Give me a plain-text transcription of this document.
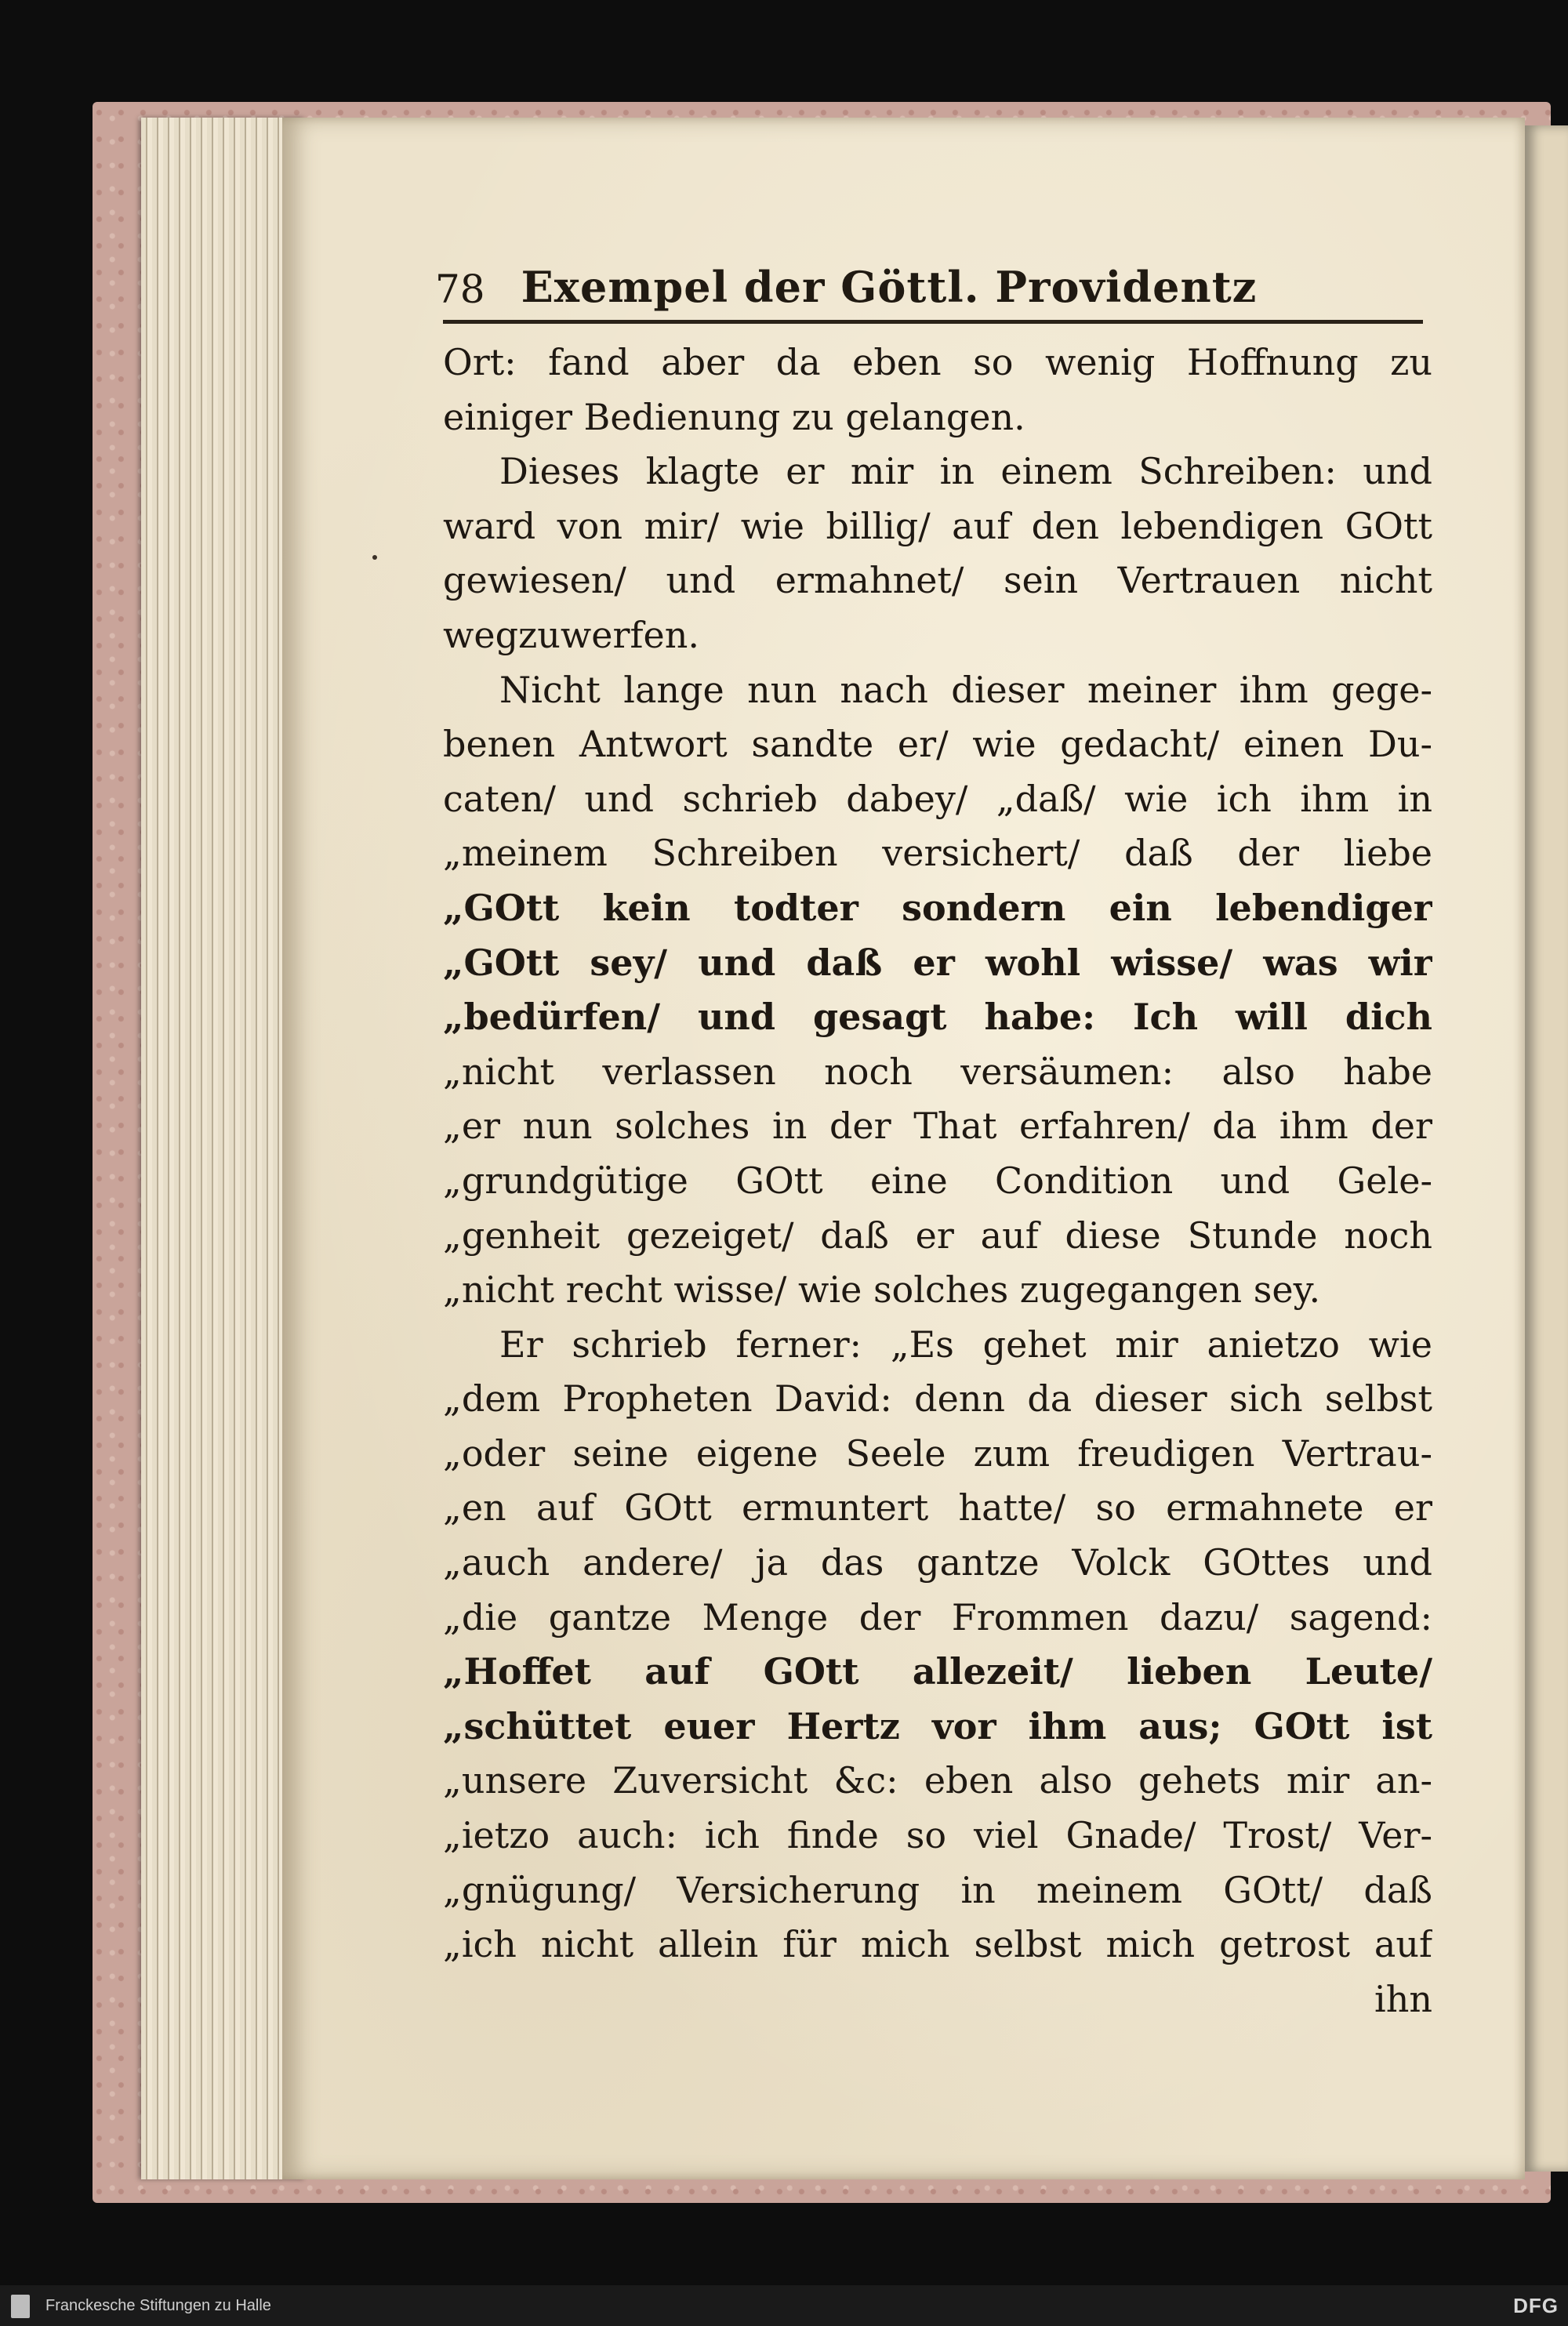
78 Exempel der Göttl. Providentz
Ort: fand aber da eben so wenig Hoffnung zu
einiger Bedienung zu gelangen.
Dieses klagte er mir in einem Schreiben: und
ward von mir/ wie billig/ auf den lebendigen GOtt
gewiesen/ und ermahnet/ sein Vertrauen nicht
wegzuwerfen.
Nicht lange nun nach dieser meiner ihm gege-
benen Antwort sandte er/ wie gedacht/ einen Du-
caten/ und schrieb dabey/ „daß/ wie ich ihm in
„meinem Schreiben versichert/ daß der liebe
„GOtt kein todter sondern ein lebendiger
„GOtt sey/ und daß er wohl wisse/ was wir
„bedürfen/ und gesagt habe: Ich will dich
„nicht verlassen noch versäumen: also habe
„er nun solches in der That erfahren/ da ihm der
„grundgütige GOtt eine Condition und Gele-
„genheit gezeiget/ daß er auf diese Stunde noch
„nicht recht wisse/ wie solches zugegangen sey.
Er schrieb ferner: „Es gehet mir anietzo wie
„dem Propheten David: denn da dieser sich selbst
„oder seine eigene Seele zum freudigen Vertrau-
„en auf GOtt ermuntert hatte/ so ermahnete er
„auch andere/ ja das gantze Volck GOttes und
„die gantze Menge der Frommen dazu/ sagend:
„Hoffet auf GOtt allezeit/ lieben Leute/
„schüttet euer Hertz vor ihm aus; GOtt ist
„unsere Zuversicht &c: eben also gehets mir an-
„ietzo auch: ich finde so viel Gnade/ Trost/ Ver-
„gnügung/ Versicherung in meinem GOtt/ daß
„ich nicht allein für mich selbst mich getrost auf
ihn
Franckesche Stiftungen zu Halle	DFG
